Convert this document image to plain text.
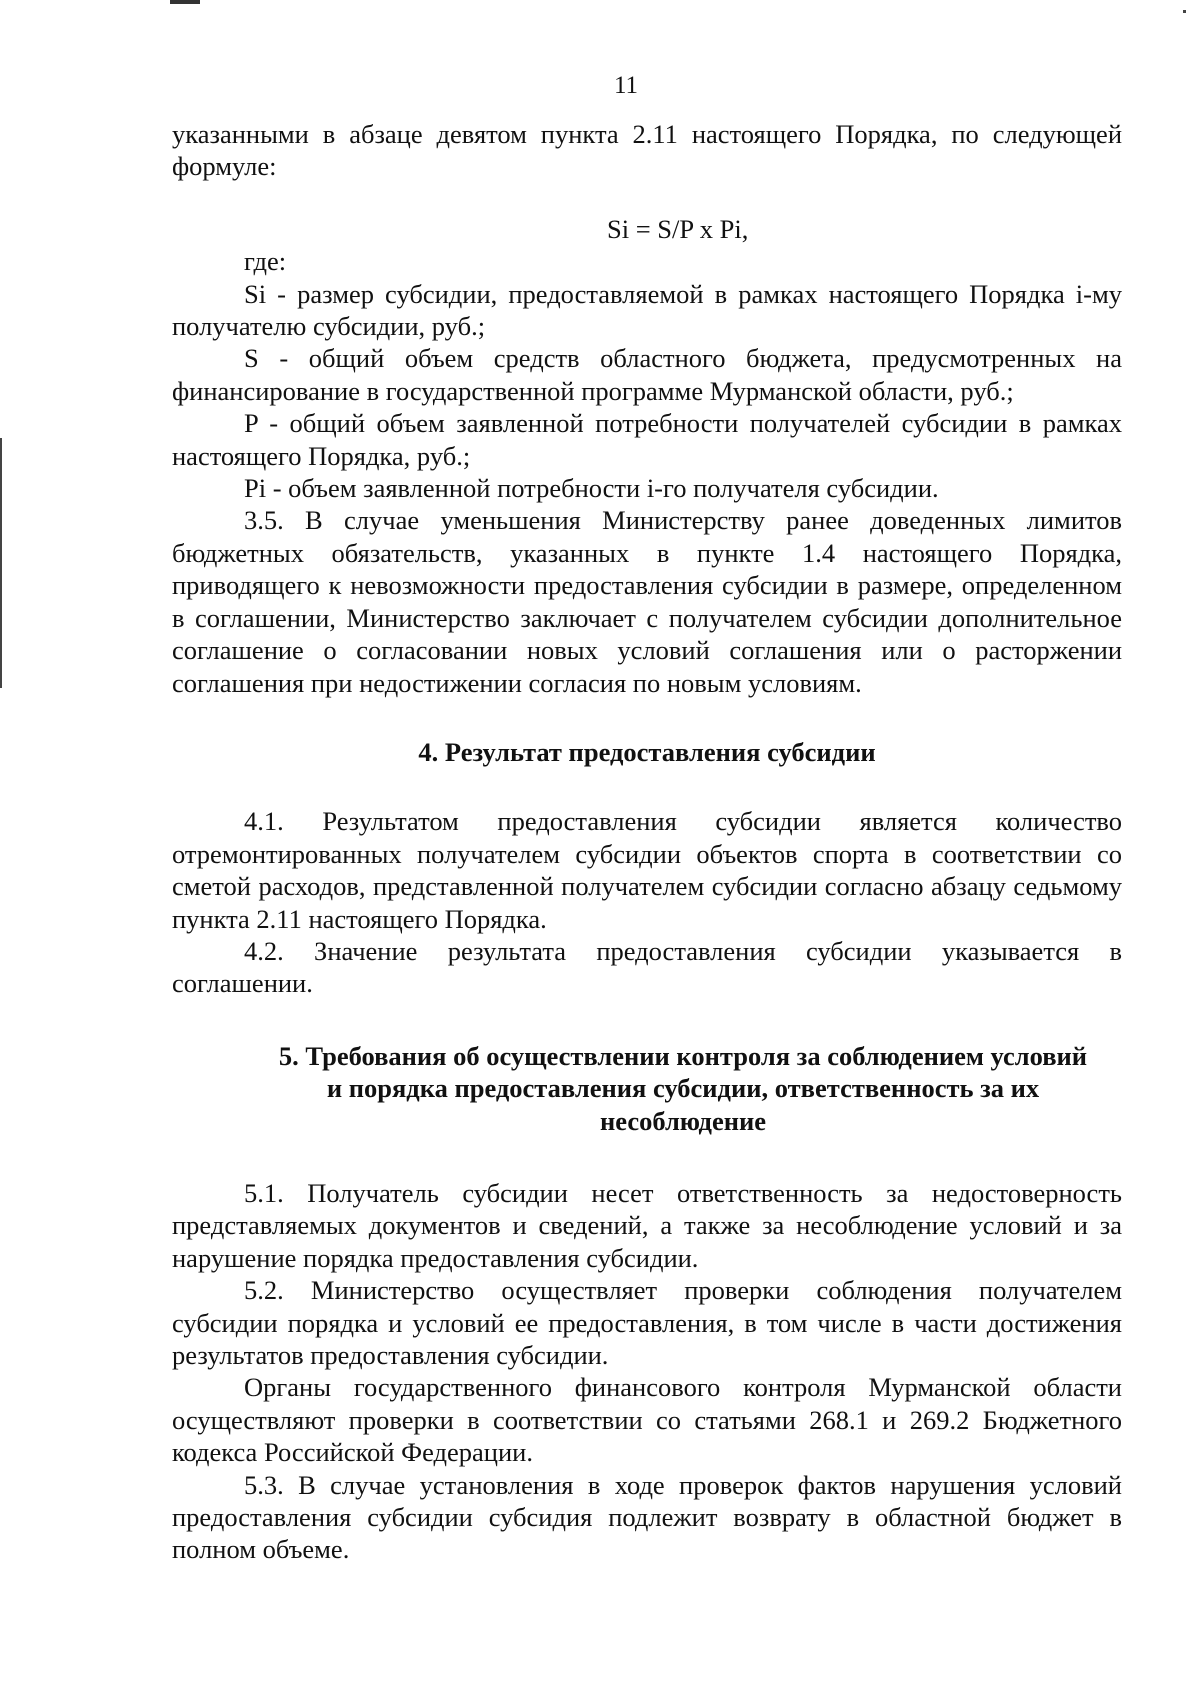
11

указанными в абзаце девятом пункта 2.11 настоящего Порядка, по следующей формуле:

Si = S/P x Pi,

где:

Si - размер субсидии, предоставляемой в рамках настоящего Порядка i-му получателю субсидии, руб.;

S - общий объем средств областного бюджета, предусмотренных на финансирование в государственной программе Мурманской области, руб.;

P - общий объем заявленной потребности получателей субсидии в рамках настоящего Порядка, руб.;

Pi - объем заявленной потребности i-го получателя субсидии.

3.5. В случае уменьшения Министерству ранее доведенных лимитов бюджетных обязательств, указанных в пункте 1.4 настоящего Порядка, приводящего к невозможности предоставления субсидии в размере, определенном в соглашении, Министерство заключает с получателем субсидии дополнительное соглашение о согласовании новых условий соглашения или о расторжении соглашения при недостижении согласия по новым условиям.

4. Результат предоставления субсидии

4.1. Результатом предоставления субсидии является количество отремонтированных получателем субсидии объектов спорта в соответствии со сметой расходов, представленной получателем субсидии согласно абзацу седьмому пункта 2.11 настоящего Порядка.

4.2. Значение результата предоставления субсидии указывается в соглашении.

5. Требования об осуществлении контроля за соблюдением условий
и порядка предоставления субсидии, ответственность за их
несоблюдение

5.1. Получатель субсидии несет ответственность за недостоверность представляемых документов и сведений, а также за несоблюдение условий и за нарушение порядка предоставления субсидии.

5.2. Министерство осуществляет проверки соблюдения получателем субсидии порядка и условий ее предоставления, в том числе в части достижения результатов предоставления субсидии.

Органы государственного финансового контроля Мурманской области осуществляют проверки в соответствии со статьями 268.1 и 269.2 Бюджетного кодекса Российской Федерации.

5.3. В случае установления в ходе проверок фактов нарушения условий предоставления субсидии субсидия подлежит возврату в областной бюджет в полном объеме.
